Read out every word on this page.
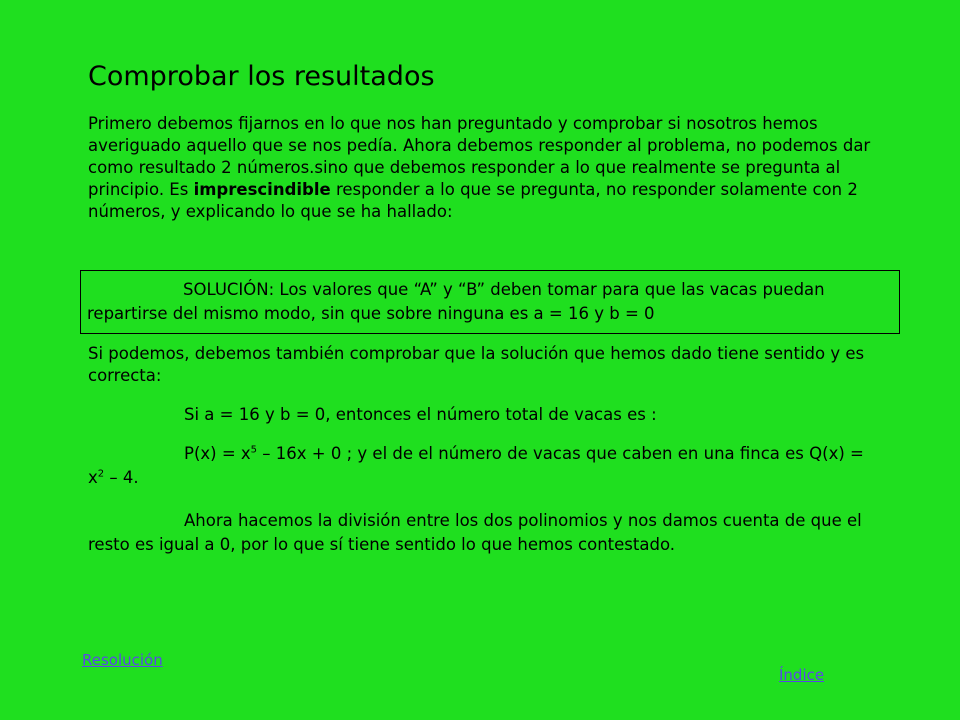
Comprobar los resultados
Primero debemos fijarnos en lo que nos han preguntado y comprobar si nosotros hemos averiguado aquello que se nos pedía. Ahora debemos responder al problema, no podemos dar como resultado 2 números.sino que debemos responder a lo que realmente se pregunta al principio. Es imprescindible responder a lo que se pregunta, no responder solamente con 2 números, y explicando lo que se ha hallado:
SOLUCIÓN: Los valores que “A” y “B” deben tomar para que las vacas puedan repartirse del mismo modo, sin que sobre ninguna es a = 16 y b = 0
Si podemos, debemos también comprobar que la solución que hemos dado tiene sentido y es correcta:
Si a = 16 y b = 0, entonces el número total de vacas es :
$P(x) = x^5 - 16x + 0$ ; y el de el número de vacas que caben en una finca es $Q(x) = x^2 - 4$.
Ahora hacemos la división entre los dos polinomios y nos damos cuenta de que el resto es igual a 0, por lo que sí tiene sentido lo que hemos contestado.
Resolución
Índice
